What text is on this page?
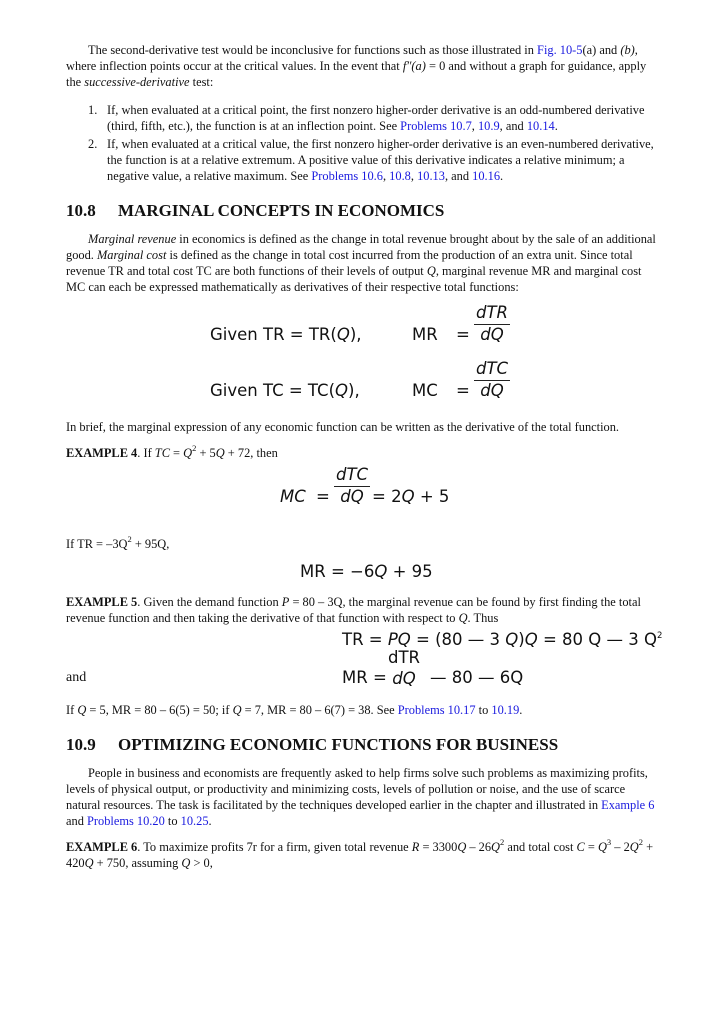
The second-derivative test would be inconclusive for functions such as those illustrated in Fig. 10-5(a) and (b), where inflection points occur at the critical values. In the event that f″(a) = 0 and without a graph for guidance, apply the successive-derivative test:

1. If, when evaluated at a critical point, the first nonzero higher-order derivative is an odd-numbered derivative (third, fifth, etc.), the function is at an inflection point. See Problems 10.7, 10.9, and 10.14.
2. If, when evaluated at a critical value, the first nonzero higher-order derivative is an even-numbered derivative, the function is at a relative extremum. A positive value of this derivative indicates a relative minimum; a negative value, a relative maximum. See Problems 10.6, 10.8, 10.13, and 10.16.
10.8 MARGINAL CONCEPTS IN ECONOMICS

Marginal revenue in economics is defined as the change in total revenue brought about by the sale of an additional good. Marginal cost is defined as the change in total cost incurred from the production of an extra unit. Since total revenue TR and total cost TC are both functions of their levels of output Q, marginal revenue MR and marginal cost MC can each be expressed mathematically as derivatives of their respective total functions:

Given TR = TR(Q),	MR =
dTR
dQ
Given TC = TC(Q),	MC =
dTC
dQ

In brief, the marginal expression of any economic function can be written as the derivative of the total function.

EXAMPLE 4. If TC = $Q^2 + 5Q + 72$, then

MC =
dTC
dQ = 2Q + 5

If TR = $-3Q^2 + 95Q$,

MR = −6Q + 95

EXAMPLE 5. Given the demand function P = 80 – 3Q, the marginal revenue can be found by first finding the total revenue function and then taking the derivative of that function with respect to Q. Thus

TR = PQ = (80 — 3 Q)Q = 80 Q — 3 $Q^2$
and	MR =
dTR
dQ — 80 — 6Q

If Q = 5, MR = 80 – 6(5) = 50; if Q = 7, MR = 80 – 6(7) = 38. See Problems 10.17 to 10.19.

10.9 OPTIMIZING ECONOMIC FUNCTIONS FOR BUSINESS

People in business and economists are frequently asked to help firms solve such problems as maximizing profits, levels of physical output, or productivity and minimizing costs, levels of pollution or noise, and the use of scarce natural resources. The task is facilitated by the techniques developed earlier in the chapter and illustrated in Example 6 and Problems 10.20 to 10.25.

EXAMPLE 6. To maximize profits 7r for a firm, given total revenue $R = 3300Q - 26Q^2$ and total cost $C = Q^3 - 2Q^2 + 420Q + 750$, assuming Q > 0,
